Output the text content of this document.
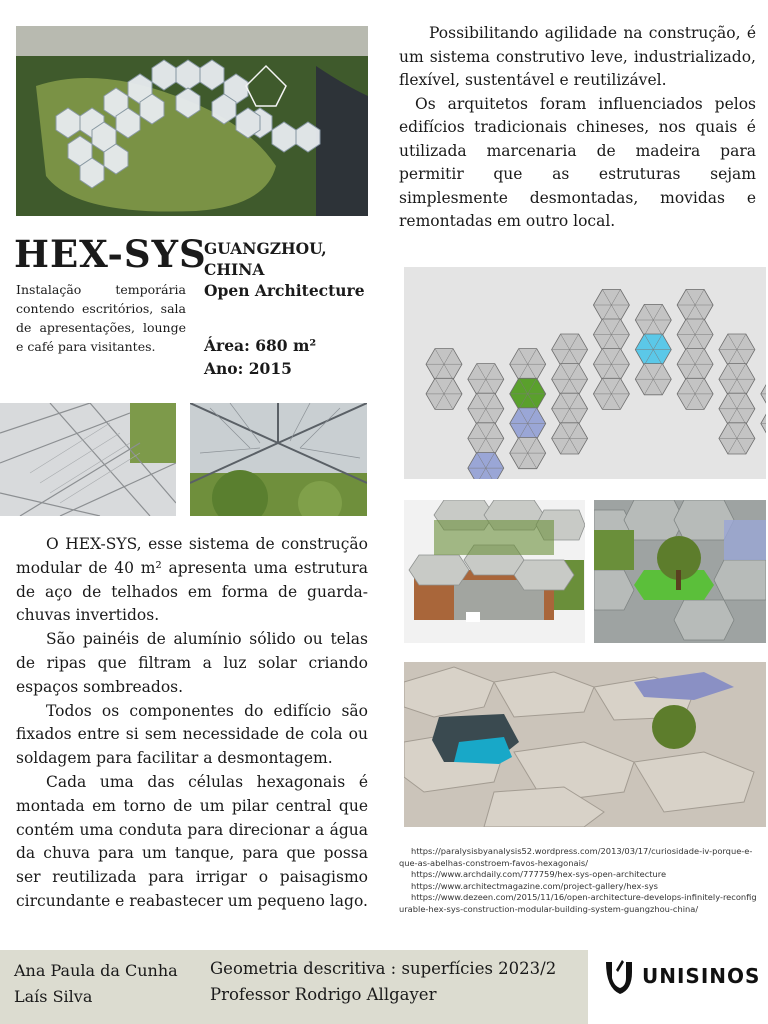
HEX-SYS
GUANGZHOU,
CHINA
Open Architecture
Instalação temporária contendo escritórios, sala de apresentações, lounge e café para visitantes.	Área: 680 m²
Ano: 2015

O HEX-SYS, esse sistema de construção modular de 40 m² apresenta uma estrutura de aço de telhados em forma de guarda-chuvas invertidos.

São painéis de alumínio sólido ou telas de ripas que filtram a luz solar criando espaços sombreados.

Todos os componentes do edifício são fixados entre si sem necessidade de cola ou soldagem para facilitar a desmontagem.

Cada uma das células hexagonais é montada em torno de um pilar central que contém uma conduta para direcionar a água da chuva para um tanque, para que possa ser reutilizada para irrigar o paisagismo circundante e reabastecer um pequeno lago.

Possibilitando agilidade na construção, é um sistema construtivo leve, industrializado, flexível, sustentável e reutilizável.

Os arquitetos foram influenciados pelos edifícios tradicionais chineses, nos quais é utilizada marcenaria de madeira para permitir que as estruturas sejam simplesmente desmontadas, movidas e remontadas em outro local.

https://paralysisbyanalysis52.wordpress.com/2013/03/17/curiosidade-iv-porque-e-que-as-abelhas-constroem-favos-hexagonais/
https://www.archdaily.com/777759/hex-sys-open-architecture
https://www.architectmagazine.com/project-gallery/hex-sys
https://www.dezeen.com/2015/11/16/open-architecture-develops-infinitely-reconfigurable-hex-sys-construction-modular-building-system-guangzhou-china/
Ana Paula da Cunha
Laís Silva
Geometria descritiva : superfícies 2023/2
Professor Rodrigo Allgayer
UNISINOS
